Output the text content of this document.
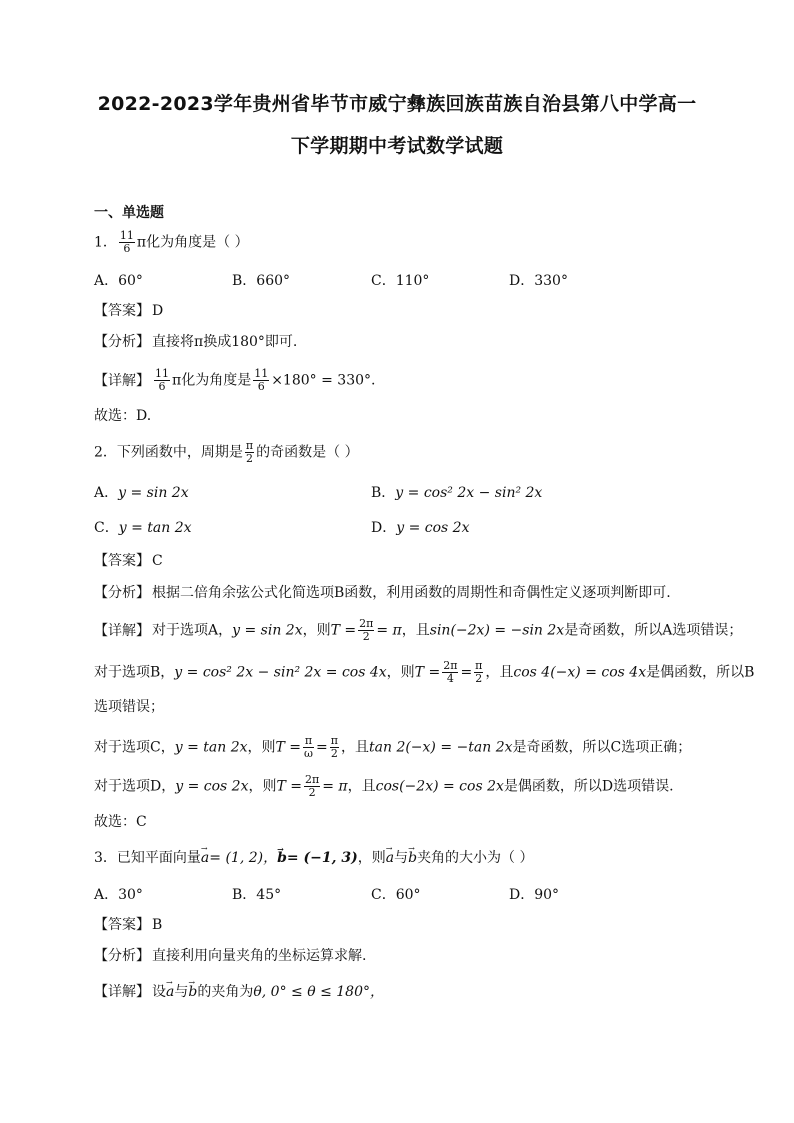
2022-2023学年贵州省毕节市威宁彝族回族苗族自治县第八中学高一
下学期期中考试数学试题
一、单选题
1． $\frac{11}{6}$ π化为角度是（ ）
A．60°	B．660°	C．110°	D．330°
【答案】 D
【分析】 直接将π换成180°即可.
【详解】 $\frac{11}{6}$ π化为角度是 $\frac{11}{6} \times 180^\circ = 330^\circ$.
故选：D.
2．下列函数中，周期是 $\frac{\pi}{2}$ 的奇函数是（ ）
A．y = sin 2x	B．y = cos² 2x − sin² 2x
C．y = tan 2x	D．y = cos 2x
【答案】 C
【分析】 根据二倍角余弦公式化简选项B函数，利用函数的周期性和奇偶性定义逐项判断即可.
【详解】 对于选项A，y = sin 2x，则$T = \frac{2\pi}{2} = \pi$，且sin(−2x) = −sin 2x是奇函数，所以A选项错误；
对于选项B，y = cos² 2x − sin² 2x = cos 4x，则$T = \frac{2\pi}{4} = \frac{\pi}{2}$ ，且cos 4(−x) = cos 4x是偶函数，所以B
选项错误；
对于选项C，y = tan 2x，则$T = \frac{\pi}{\omega} = \frac{\pi}{2}$ ，且tan 2(−x) = −tan 2x是奇函数，所以C选项正确；
对于选项D，y = cos 2x，则$T = \frac{2\pi}{2} = \pi$，且cos(−2x) = cos 2x是偶函数，所以D选项错误.
故选：C
3．已知平面向量→ a= (1, 2)，→ b= (−1, 3)，则→ a与→ b夹角的大小为（ ）
A．30°	B．45°	C．60°	D．90°
【答案】 B
【分析】 直接利用向量夹角的坐标运算求解.
【详解】 设→ a与→ b的夹角为θ, 0° ≤ θ ≤ 180°，
